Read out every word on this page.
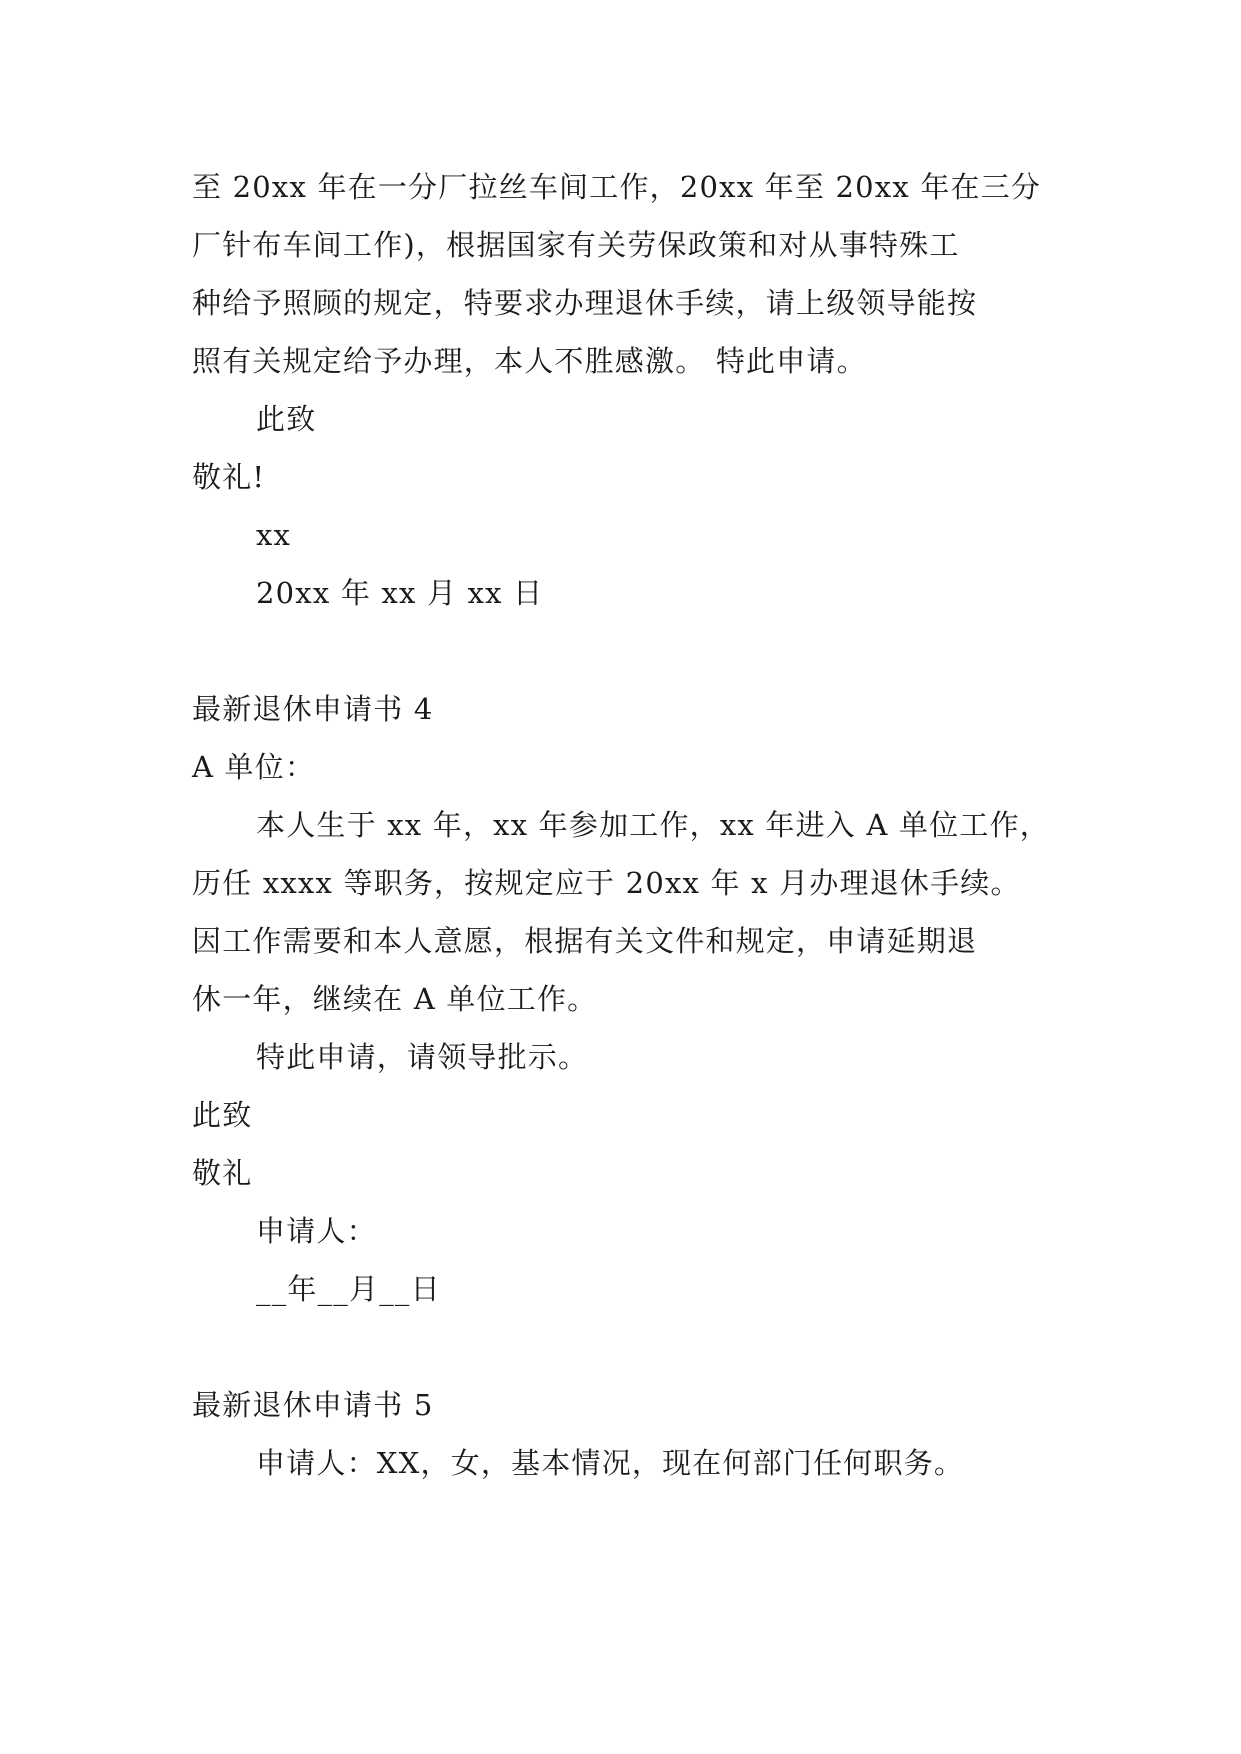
至 20xx 年在一分厂拉丝车间工作，20xx 年至 20xx 年在三分
厂针布车间工作)，根据国家有关劳保政策和对从事特殊工
种给予照顾的规定，特要求办理退休手续，请上级领导能按
照有关规定给予办理，本人不胜感激。 特此申请。
此致
敬礼!
xx
20xx 年 xx 月 xx 日
最新退休申请书 4
A 单位：
本人生于 xx 年，xx 年参加工作，xx 年进入 A 单位工作，
历任 xxxx 等职务，按规定应于 20xx 年 x 月办理退休手续。
因工作需要和本人意愿，根据有关文件和规定，申请延期退
休一年，继续在 A 单位工作。
特此申请，请领导批示。
此致
敬礼
申请人：
__年__月__日
最新退休申请书 5
申请人：XX，女，基本情况，现在何部门任何职务。
